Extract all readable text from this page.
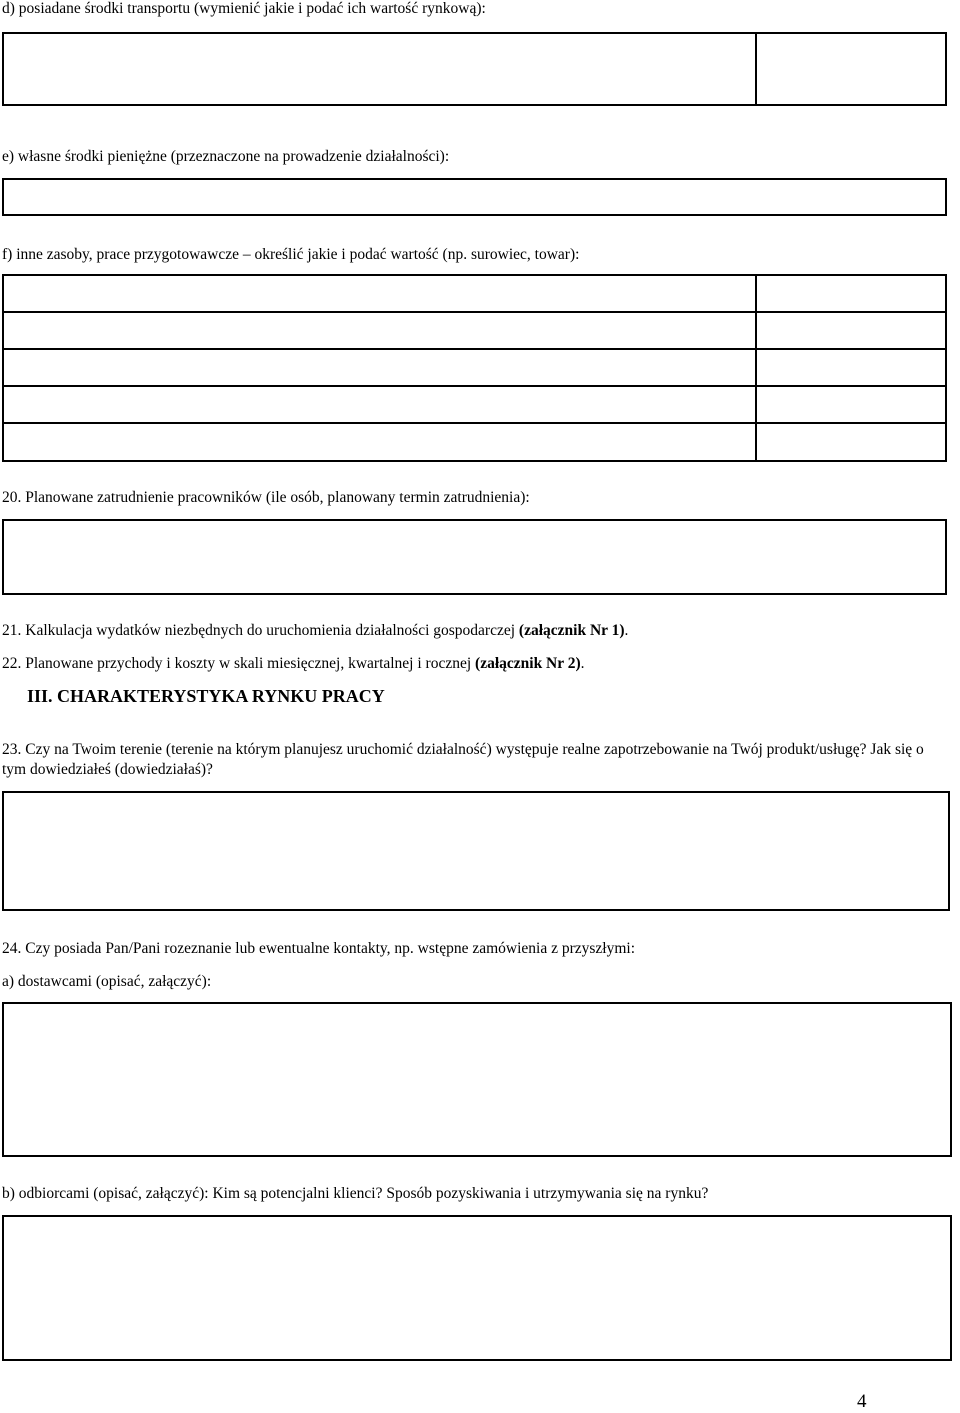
d) posiadane środki transportu (wymienić jakie i podać ich wartość rynkową):
e) własne środki pieniężne (przeznaczone na prowadzenie działalności):
f) inne zasoby, prace przygotowawcze – określić jakie i podać wartość (np. surowiec, towar):
20. Planowane zatrudnienie pracowników (ile osób, planowany termin zatrudnienia):
21. Kalkulacja wydatków niezbędnych do uruchomienia działalności gospodarczej (załącznik Nr 1).
22. Planowane przychody i koszty w skali miesięcznej, kwartalnej i rocznej (załącznik Nr 2).
III. CHARAKTERYSTYKA RYNKU PRACY
23. Czy na Twoim terenie (terenie na którym planujesz uruchomić działalność) występuje realne zapotrzebowanie na Twój produkt/usługę? Jak się o tym dowiedziałeś (dowiedziałaś)?
24. Czy posiada Pan/Pani rozeznanie lub ewentualne kontakty, np. wstępne zamówienia z przyszłymi:
a) dostawcami (opisać, załączyć):
b) odbiorcami (opisać, załączyć): Kim są potencjalni klienci? Sposób pozyskiwania i utrzymywania się na rynku?
4
